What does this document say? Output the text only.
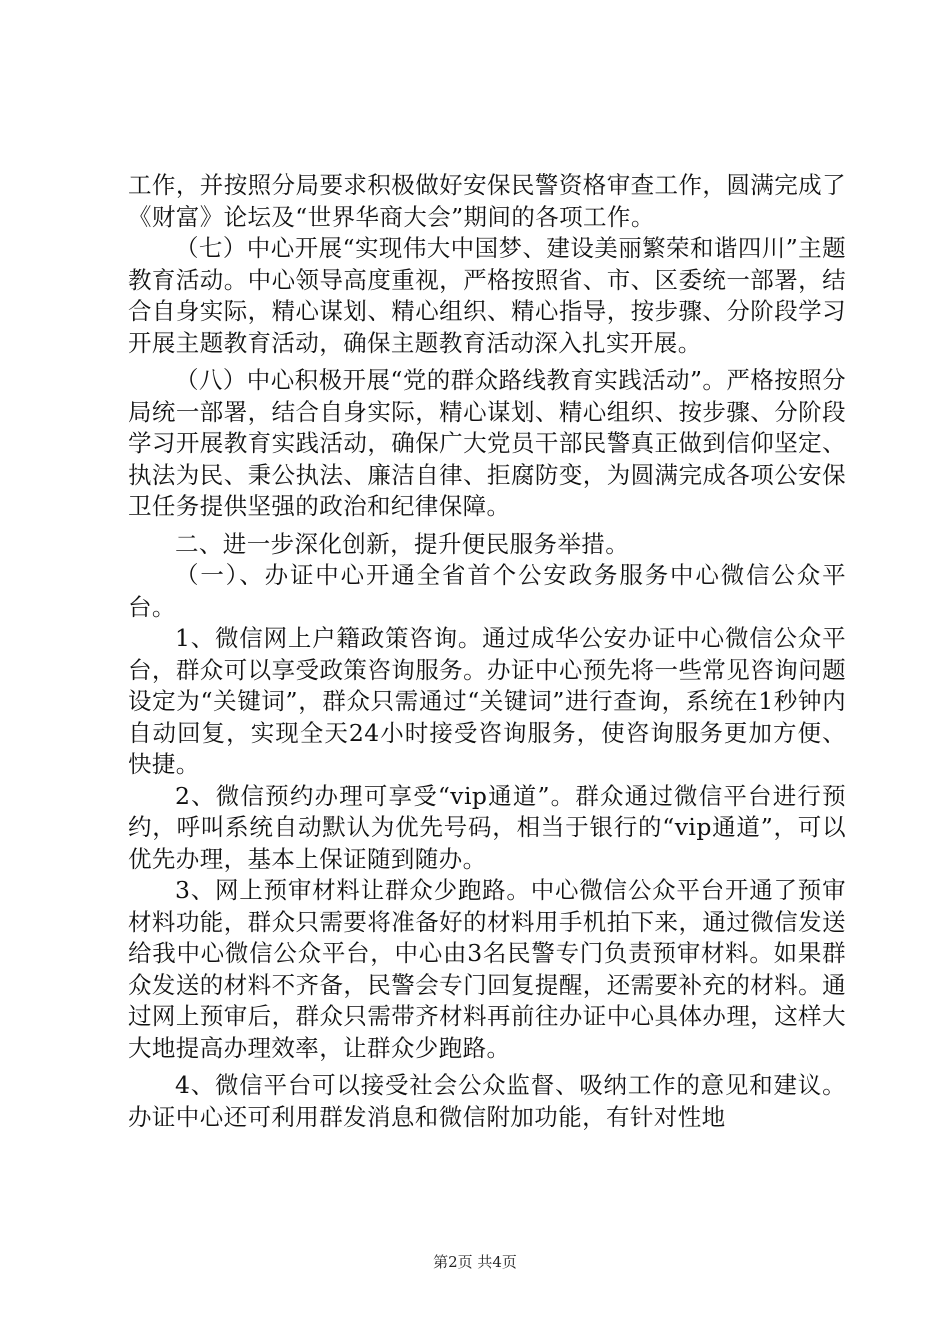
工作，并按照分局要求积极做好安保民警资格审查工作，圆满完成了《财富》论坛及“世界华商大会”期间的各项工作。

（七）中心开展“实现伟大中国梦、建设美丽繁荣和谐四川”主题教育活动。中心领导高度重视，严格按照省、市、区委统一部署，结合自身实际，精心谋划、精心组织、精心指导，按步骤、分阶段学习开展主题教育活动，确保主题教育活动深入扎实开展。

（八）中心积极开展“党的群众路线教育实践活动”。严格按照分局统一部署，结合自身实际，精心谋划、精心组织、按步骤、分阶段学习开展教育实践活动，确保广大党员干部民警真正做到信仰坚定、执法为民、秉公执法、廉洁自律、拒腐防变，为圆满完成各项公安保卫任务提供坚强的政治和纪律保障。

二、进一步深化创新，提升便民服务举措。

（一）、办证中心开通全省首个公安政务服务中心微信公众平台。

1、微信网上户籍政策咨询。通过成华公安办证中心微信公众平台，群众可以享受政策咨询服务。办证中心预先将一些常见咨询问题设定为“关键词”，群众只需通过“关键词”进行查询，系统在1秒钟内自动回复，实现全天24小时接受咨询服务，使咨询服务更加方便、快捷。

2、微信预约办理可享受“vip通道”。群众通过微信平台进行预约，呼叫系统自动默认为优先号码，相当于银行的“vip通道”，可以优先办理，基本上保证随到随办。

3、网上预审材料让群众少跑路。中心微信公众平台开通了预审材料功能，群众只需要将准备好的材料用手机拍下来，通过微信发送给我中心微信公众平台，中心由3名民警专门负责预审材料。如果群众发送的材料不齐备，民警会专门回复提醒，还需要补充的材料。通过网上预审后，群众只需带齐材料再前往办证中心具体办理，这样大大地提高办理效率，让群众少跑路。

4、微信平台可以接受社会公众监督、吸纳工作的意见和建议。办证中心还可利用群发消息和微信附加功能，有针对性地

第2页 共4页
